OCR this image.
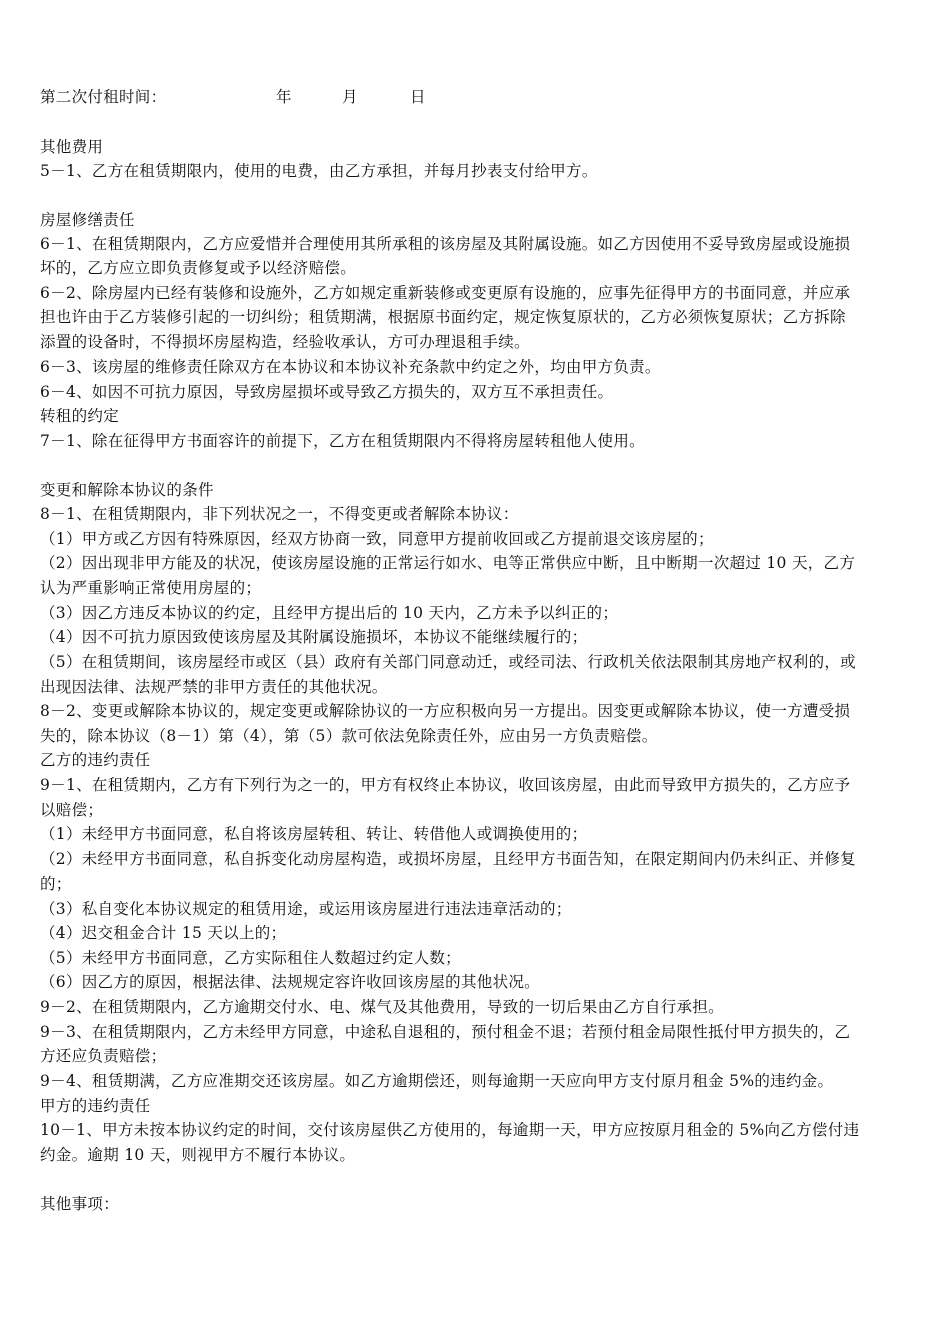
第二次付租时间：	年	月	日
其他费用
5－1、乙方在租赁期限内，使用的电费，由乙方承担，并每月抄表支付给甲方。
房屋修缮责任
6－1、在租赁期限内，乙方应爱惜并合理使用其所承租的该房屋及其附属设施。如乙方因使用不妥导致房屋或设施损
坏的，乙方应立即负责修复或予以经济赔偿。
6－2、除房屋内已经有装修和设施外，乙方如规定重新装修或变更原有设施的，应事先征得甲方的书面同意，并应承
担也许由于乙方装修引起的一切纠纷；租赁期满，根据原书面约定，规定恢复原状的，乙方必须恢复原状；乙方拆除
添置的设备时，不得损坏房屋构造，经验收承认，方可办理退租手续。
6－3、该房屋的维修责任除双方在本协议和本协议补充条款中约定之外，均由甲方负责。
6－4、如因不可抗力原因，导致房屋损坏或导致乙方损失的，双方互不承担责任。
转租的约定
7－1、除在征得甲方书面容许的前提下，乙方在租赁期限内不得将房屋转租他人使用。
变更和解除本协议的条件
8－1、在租赁期限内，非下列状况之一，不得变更或者解除本协议：
（1）甲方或乙方因有特殊原因，经双方协商一致，同意甲方提前收回或乙方提前退交该房屋的；
（2）因出现非甲方能及的状况，使该房屋设施的正常运行如水、电等正常供应中断，且中断期一次超过 10 天，乙方
认为严重影响正常使用房屋的；
（3）因乙方违反本协议的约定，且经甲方提出后的 10 天内，乙方未予以纠正的；
（4）因不可抗力原因致使该房屋及其附属设施损坏，本协议不能继续履行的；
（5）在租赁期间，该房屋经市或区（县）政府有关部门同意动迁，或经司法、行政机关依法限制其房地产权利的，或
出现因法律、法规严禁的非甲方责任的其他状况。
8－2、变更或解除本协议的，规定变更或解除协议的一方应积极向另一方提出。因变更或解除本协议，使一方遭受损
失的，除本协议（8－1）第（4），第（5）款可依法免除责任外，应由另一方负责赔偿。
乙方的违约责任
9－1、在租赁期内，乙方有下列行为之一的，甲方有权终止本协议，收回该房屋，由此而导致甲方损失的，乙方应予
以赔偿；
（1）未经甲方书面同意，私自将该房屋转租、转让、转借他人或调换使用的；
（2）未经甲方书面同意，私自拆变化动房屋构造，或损坏房屋，且经甲方书面告知，在限定期间内仍未纠正、并修复
的；
（3）私自变化本协议规定的租赁用途，或运用该房屋进行违法违章活动的；
（4）迟交租金合计 15 天以上的；
（5）未经甲方书面同意，乙方实际租住人数超过约定人数；
（6）因乙方的原因，根据法律、法规规定容许收回该房屋的其他状况。
9－2、在租赁期限内，乙方逾期交付水、电、煤气及其他费用，导致的一切后果由乙方自行承担。
9－3、在租赁期限内，乙方未经甲方同意，中途私自退租的，预付租金不退；若预付租金局限性抵付甲方损失的，乙
方还应负责赔偿；
9－4、租赁期满，乙方应准期交还该房屋。如乙方逾期偿还，则每逾期一天应向甲方支付原月租金 5%的违约金。
甲方的违约责任
10－1、甲方未按本协议约定的时间，交付该房屋供乙方使用的，每逾期一天，甲方应按原月租金的 5%向乙方偿付违
约金。逾期 10 天，则视甲方不履行本协议。
其他事项：
